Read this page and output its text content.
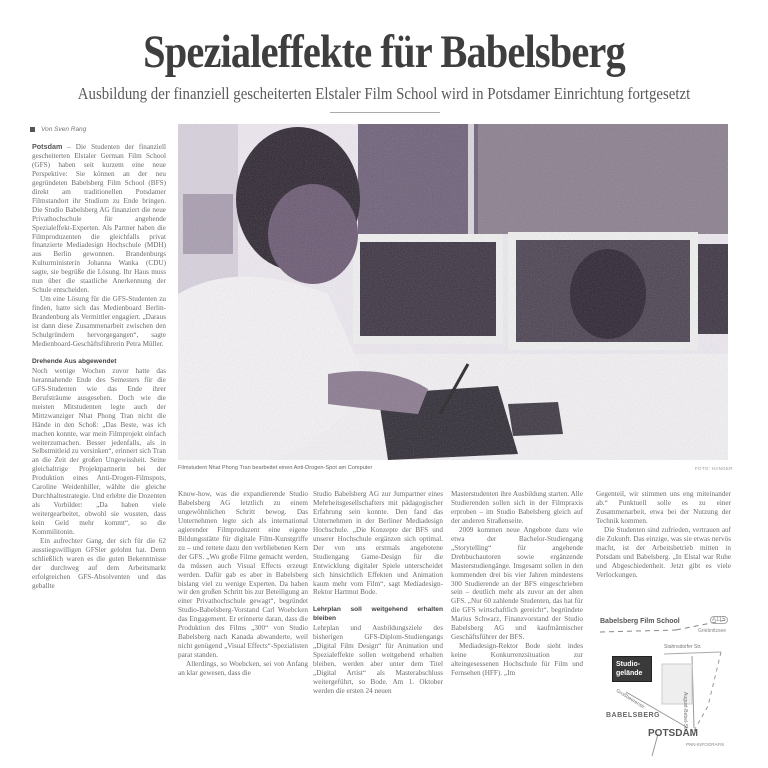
Spezialeffekte für Babelsberg
Ausbildung der finanziell gescheiterten Elstaler Film School wird in Potsdamer Einrichtung fortgesetzt
Von Sven Rang

Potsdam – Die Studenten der finanziell gescheiterten Elstaler German Film School (GFS) haben seit kurzem eine neue Perspektive: Sie können an der neu gegründeten Babelsberg Film School (BFS) direkt am traditionellen Potsdamer Filmstandort ihr Studium zu Ende bringen. Die Studio Babelsberg AG finanziert die neue Privathochschule für angehende Spezialeffekt-Experten. Als Partner haben die Filmproduzenten die gleichfalls privat finanzierte Mediadesign Hochschule (MDH) aus Berlin gewonnen. Brandenburgs Kulturministerin Johanna Wanka (CDU) sagte, sie begrüße die Lösung. Ihr Haus muss nun über die staatliche Anerkennung der Schule entscheiden.

Um eine Lösung für die GFS-Studenten zu finden, hatte sich das Medienboard Berlin-Brandenburg als Vermittler engagiert. „Daraus ist dann diese Zusammenarbeit zwischen den Schulgründern hervorgegangen“, sagte Medienboard-Geschäftsführerin Petra Müller.

Drehende Aus abgewendet

Noch wenige Wochen zuvor hatte das herannahende Ende des Semesters für die GFS-Studenten wie das Ende ihrer Berufsträume ausgesehen. Doch wie die meisten Mitstudenten legte auch der Mittzwanziger Nhat Phong Tran nicht die Hände in den Schoß: „Das Beste, was ich machen konnte, war mein Filmprojekt einfach weiterzumachen. Besser jedenfalls, als in Selbstmitleid zu versinken“, erinnert sich Tran an die Zeit der großen Ungewissheit. Seine gleichaltrige Projektpartnerin bei der Produktion eines Anti-Drogen-Filmspots, Caroline Weidenhiller, wählte die gleiche Durchhaltestrategie. Und erlebte die Dozenten als Vorbilder: „Da haben viele weitergearbeitet, obwohl sie wussten, dass kein Geld mehr kommt“, so die Kommilitonin.

Ein aufrechter Gang, der sich für die 62 ausstiegswilligen GFSler gelohnt hat. Denn schließlich waren es die guten Bekenntnisse der durchweg auf dem Arbeitsmarkt erfolgreichen GFS-Absolventen und das geballte

Filmstudent Nhat Phong Tran bearbeitet einen Anti-Drogen-Spot am Computer	FOTO: HANGER

Know-how, was die expandierende Studio Babelsberg AG letztlich zu einem ungewöhnlichen Schritt bewog. Das Unternehmen legte sich als international agierender Filmproduzent eine eigene Bildungsstätte für digitale Film-Kunstgriffe zu – und rettete dazu den verbliebenen Kern der GFS. „Wo große Filme gemacht werden, da müssen auch Visual Effects erzeugt werden. Dafür gab es aber in Babelsberg bislang viel zu wenige Experten. Da haben wir den großen Schritt bis zur Beteiligung an einer Privathochschule gewagt“, begründet Studio-Babelsberg-Vorstand Carl Woebcken das Engagement. Er erinnerte daran, dass die Produktion des Films „300“ von Studio Babelsberg nach Kanada abwanderte, weil nicht genügend „Visual Effects“-Spezialisten parat standen.

Allerdings, so Woebcken, sei von Anfang an klar gewesen, dass die

Studio Babelsberg AG zur Jumpartner eines Mehrheitsgesellschafters mit pädagogischer Erfahrung sein konnte. Den fand das Unternehmen in der Berliner Mediadesign Hochschule. „Die Konzepte der BFS und unserer Hochschule ergänzen sich optimal. Der von uns erstmals angebotene Studiengang Game-Design für die Entwicklung digitaler Spiele unterscheidet sich hinsichtlich Effekten und Animation kaum mehr vom Film“, sagt Mediadesign-Rektor Hartmut Bode.

Lehrplan soll weitgehend erhalten bleiben

Lehrplan und Ausbildungsziele des bisherigen GFS-Diplom-Studiengangs „Digital Film Design“ für Animation und Spezialeffekte sollen weitgehend erhalten bleiben, werden aber unter dem Titel „Digital Artist“ als Masterabschluss weitergeführt, so Bode. Am 1. Oktober werden die ersten 24 neuen

Masterstudenten ihre Ausbildung starten. Alle Studierenden sollen sich in der Filmpraxis erproben – im Studio Babelsberg gleich auf der anderen Straßenseite.

2009 kommen neue Angebote dazu wie etwa der Bachelor-Studiengang „Storytelling“ für angehende Drehbuchautoren sowie ergänzende Masterstudiengänge. Insgesamt sollen in den kommenden drei bis vier Jahren mindestens 300 Studierende an der BFS eingeschrieben sein – deutlich mehr als zuvor an der alten GFS. „Nur 60 zahlende Studenten, das hat für die GFS wirtschaftlich gereicht“, begründete Marius Schwarz, Finanzvorstand der Studio Babelsberg AG und kaufmännischer Geschäftsführer der BFS.

Mediadesign-Rektor Bode sieht indes keine Konkurrenzsituation zur alteingesessenen Hochschule für Film und Fernsehen (HFF). „Im

Gegenteil, wir stimmen uns eng miteinander ab.“ Punktuell solle es zu einer Zusammenarbeit, etwa bei der Nutzung der Technik kommen.

Die Studenten sind zufrieden, vertrauen auf die Zukunft. Das einzige, was sie etwas nervös macht, ist der Arbeitsbetrieb mitten in Potsdam und Babelsberg. „In Elstal war Ruhe und Abgeschiedenheit. Jetzt gibt es viele Verlockungen.

Babelsberg Film School	A115
Griebnitzsee
Stahnsdorfer Str.
August-Bebel-Str.
Großbeerenstr.
Studio-gelände
BABELSBERG
POTSDAM
PNN-INFOGRAFIK
